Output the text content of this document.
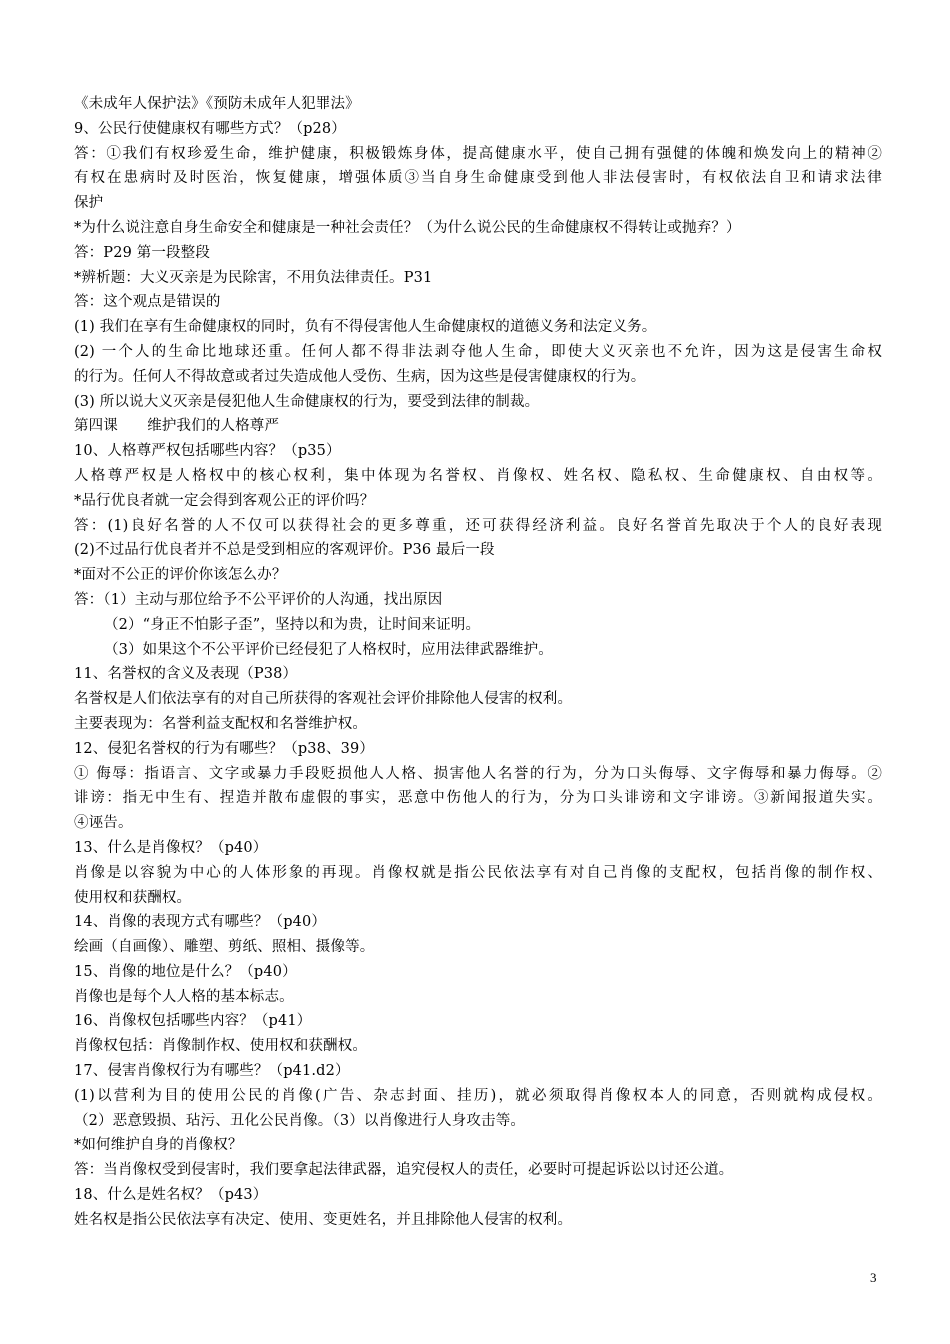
《未成年人保护法》《预防未成年人犯罪法》
9、公民行使健康权有哪些方式？（p28）
答：①我们有权珍爱生命，维护健康，积极锻炼身体，提高健康水平，使自己拥有强健的体魄和焕发向上的精神②
有权在患病时及时医治，恢复健康，增强体质③当自身生命健康受到他人非法侵害时，有权依法自卫和请求法律
保护
*为什么说注意自身生命安全和健康是一种社会责任？（为什么说公民的生命健康权不得转让或抛弃？）
答：P29 第一段整段
*辨析题：大义灭亲是为民除害，不用负法律责任。P31
答：这个观点是错误的
(1) 我们在享有生命健康权的同时，负有不得侵害他人生命健康权的道德义务和法定义务。
(2) 一个人的生命比地球还重。任何人都不得非法剥夺他人生命，即使大义灭亲也不允许，因为这是侵害生命权
的行为。任何人不得故意或者过失造成他人受伤、生病，因为这些是侵害健康权的行为。
(3) 所以说大义灭亲是侵犯他人生命健康权的行为，要受到法律的制裁。
第四课　　维护我们的人格尊严
10、人格尊严权包括哪些内容？（p35）
人格尊严权是人格权中的核心权利，集中体现为名誉权、肖像权、姓名权、隐私权、生命健康权、自由权等。
*品行优良者就一定会得到客观公正的评价吗？
答：(1)良好名誉的人不仅可以获得社会的更多尊重，还可获得经济利益。良好名誉首先取决于个人的良好表现
(2)不过品行优良者并不总是受到相应的客观评价。P36 最后一段
*面对不公正的评价你该怎么办？
答：（1）主动与那位给予不公平评价的人沟通，找出原因
（2）“身正不怕影子歪”，坚持以和为贵，让时间来证明。
（3）如果这个不公平评价已经侵犯了人格权时，应用法律武器维护。
11、名誉权的含义及表现（P38）
名誉权是人们依法享有的对自己所获得的客观社会评价排除他人侵害的权利。
主要表现为：名誉利益支配权和名誉维护权。
12、侵犯名誉权的行为有哪些？（p38、39）
① 侮辱：指语言、文字或暴力手段贬损他人人格、损害他人名誉的行为，分为口头侮辱、文字侮辱和暴力侮辱。②
诽谤：指无中生有、捏造并散布虚假的事实，恶意中伤他人的行为，分为口头诽谤和文字诽谤。③新闻报道失实。
④诬告。
13、什么是肖像权？（p40）
肖像是以容貌为中心的人体形象的再现。肖像权就是指公民依法享有对自己肖像的支配权，包括肖像的制作权、
使用权和获酬权。
14、肖像的表现方式有哪些？（p40）
绘画（自画像）、雕塑、剪纸、照相、摄像等。
15、肖像的地位是什么？（p40）
肖像也是每个人人格的基本标志。
16、肖像权包括哪些内容？（p41）
肖像权包括：肖像制作权、使用权和获酬权。
17、侵害肖像权行为有哪些？（p41.d2）
(1)以营利为目的使用公民的肖像(广告、杂志封面、挂历)，就必须取得肖像权本人的同意，否则就构成侵权。
（2）恶意毁损、玷污、丑化公民肖像。（3）以肖像进行人身攻击等。
*如何维护自身的肖像权？
答：当肖像权受到侵害时，我们要拿起法律武器，追究侵权人的责任，必要时可提起诉讼以讨还公道。
18、什么是姓名权？（p43）
姓名权是指公民依法享有决定、使用、变更姓名，并且排除他人侵害的权利。
3
